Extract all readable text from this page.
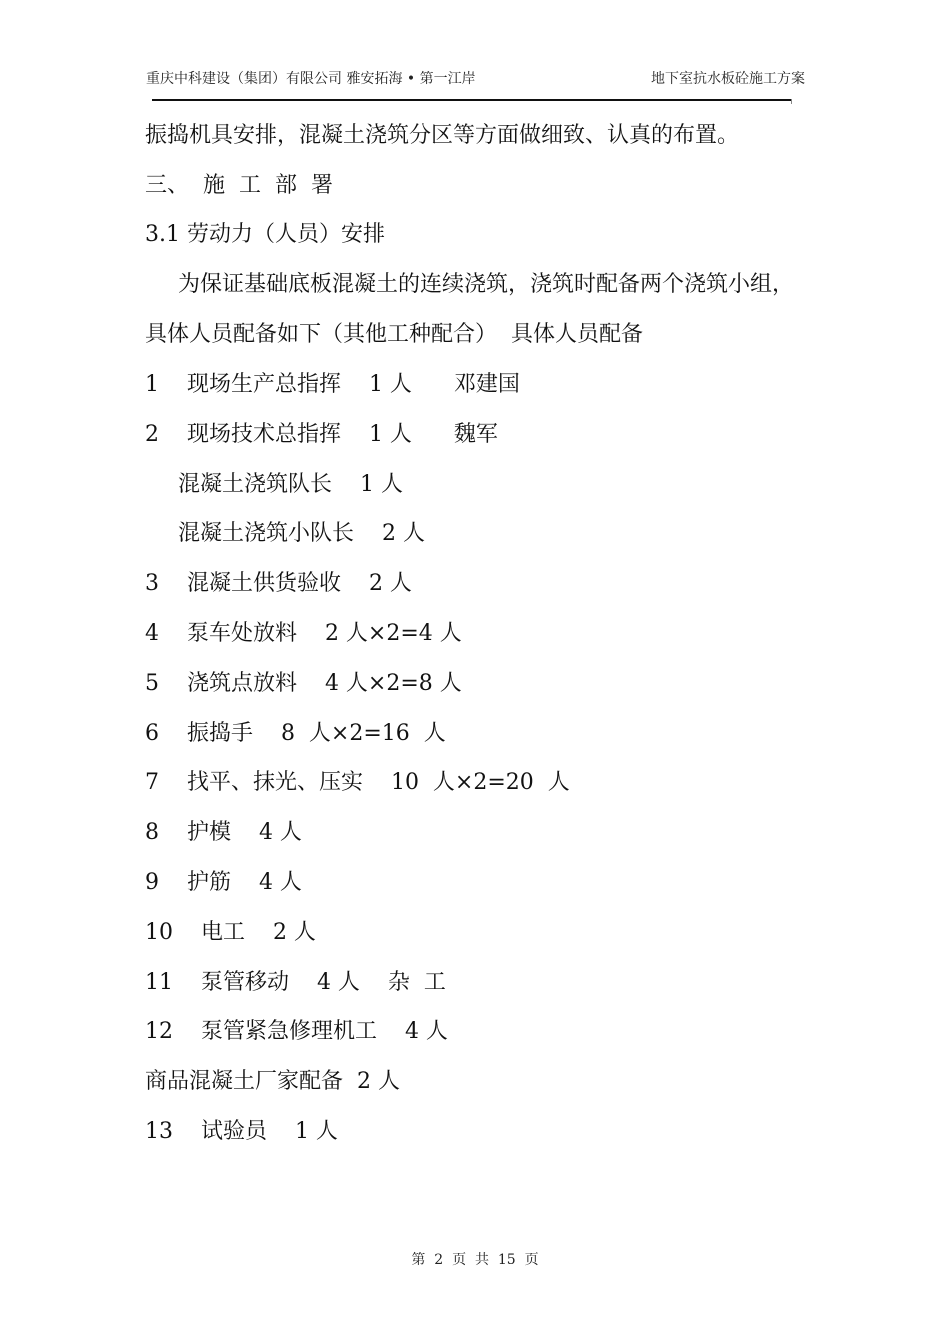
重庆中科建设（集团）有限公司 雅安拓海 • 第一江岸	地下室抗水板砼施工方案
振捣机具安排，混凝土浇筑分区等方面做细致、认真的布置。
三、  施  工  部  署
3.1 劳动力（人员）安排
为保证基础底板混凝土的连续浇筑，浇筑时配备两个浇筑小组，
具体人员配备如下（其他工种配合）  具体人员配备
1    现场生产总指挥    1 人      邓建国
2    现场技术总指挥    1 人      魏军
混凝土浇筑队长    1 人
混凝土浇筑小队长    2 人
3    混凝土供货验收    2 人
4    泵车处放料    2 人×2=4 人
5    浇筑点放料    4 人×2=8 人
6    振捣手    8  人×2=16  人
7    找平、抹光、压实    10  人×2=20  人
8    护模    4 人
9    护筋    4 人
10    电工    2 人
11    泵管移动    4 人    杂  工
12    泵管紧急修理机工    4 人
商品混凝土厂家配备  2 人
13    试验员    1 人
第  2  页  共  15  页
